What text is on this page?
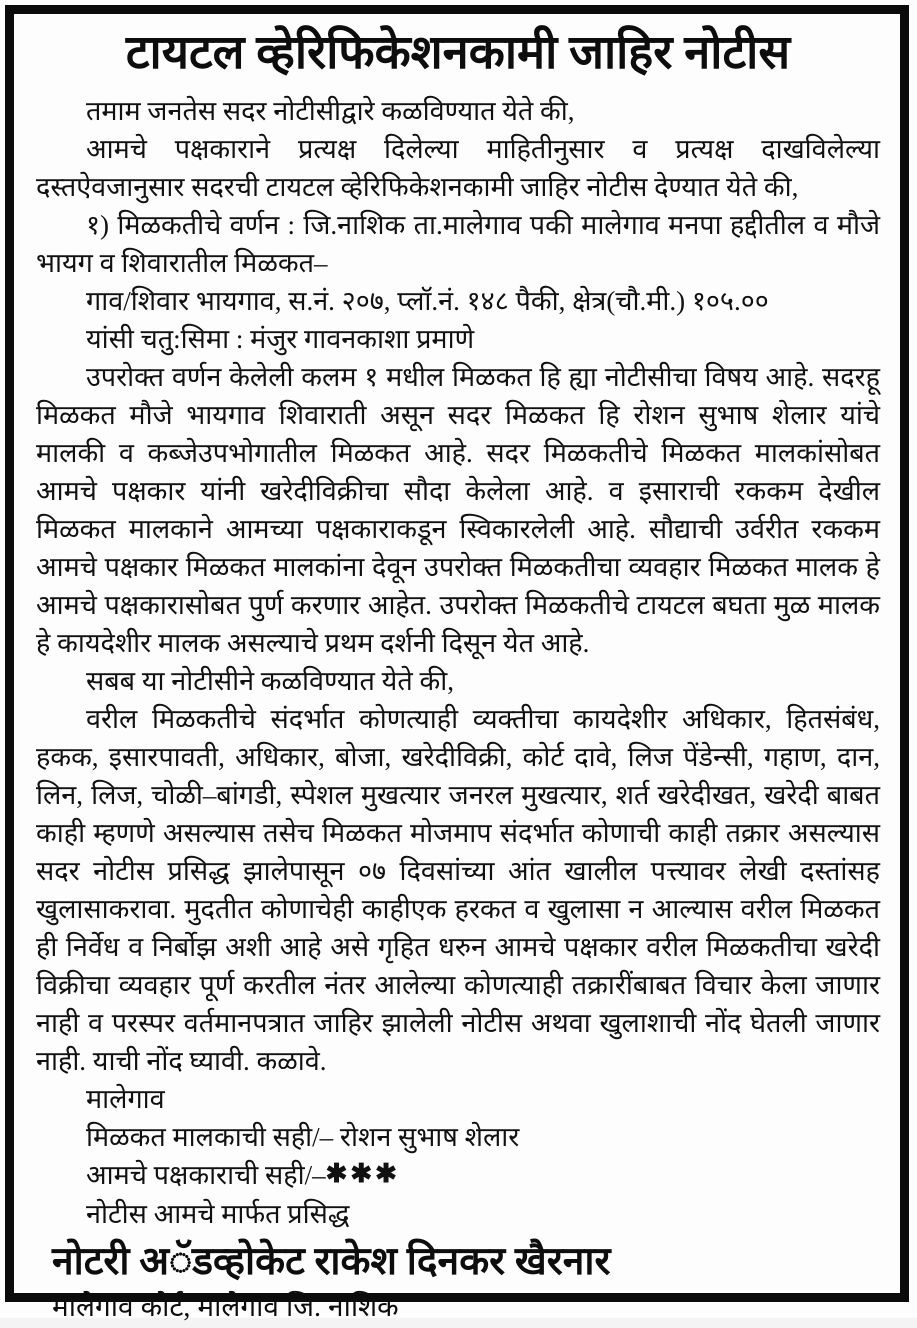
टायटल व्हेरिफिकेशनकामी जाहिर नोटीस

तमाम जनतेस सदर नोटीसीद्वारे कळविण्यात येते की,

आमचे पक्षकाराने प्रत्यक्ष दिलेल्या माहितीनुसार व प्रत्यक्ष दाखविलेल्या दस्तऐवजानुसार सदरची टायटल व्हेरिफिकेशनकामी जाहिर नोटीस देण्यात येते की,

१) मिळकतीचे वर्णन : जि.नाशिक ता.मालेगाव पकी मालेगाव मनपा हद्दीतील व मौजे भायग व शिवारातील मिळकत–

गाव/शिवार भायगाव, स.नं. २०७, प्लॉ.नं. १४८ पैकी, क्षेत्र(चौ.मी.) १०५.००

यांसी चतु:सिमा : मंजुर गावनकाशा प्रमाणे

उपरोक्त वर्णन केलेली कलम १ मधील मिळकत हि ह्या नोटीसीचा विषय आहे. सदरहू मिळकत मौजे भायगाव शिवाराती असून सदर मिळकत हि रोशन सुभाष शेलार यांचे मालकी व कब्जेउपभोगातील मिळकत आहे. सदर मिळकतीचे मिळकत मालकांसोबत आमचे पक्षकार यांनी खरेदीविक्रीचा सौदा केलेला आहे. व इसाराची रककम देखील मिळकत मालकाने आमच्या पक्षकाराकडून स्विकारलेली आहे. सौद्याची उर्वरीत रककम आमचे पक्षकार मिळकत मालकांना देवून उपरोक्त मिळकतीचा व्यवहार मिळकत मालक हे आमचे पक्षकारासोबत पुर्ण करणार आहेत. उपरोक्त मिळकतीचे टायटल बघता मुळ मालक हे कायदेशीर मालक असल्याचे प्रथम दर्शनी दिसून येत आहे.

सबब या नोटीसीने कळविण्यात येते की,

वरील मिळकतीचे संदर्भात कोणत्याही व्यक्तीचा कायदेशीर अधिकार, हितसंबंध, हकक, इसारपावती, अधिकार, बोजा, खरेदीविक्री, कोर्ट दावे, लिज पेंडेन्सी, गहाण, दान, लिन, लिज, चोळी–बांगडी, स्पेशल मुखत्यार जनरल मुखत्यार, शर्त खरेदीखत, खरेदी बाबत काही म्हणणे असल्यास तसेच मिळकत मोजमाप संदर्भात कोणाची काही तक्रार असल्यास सदर नोटीस प्रसिद्ध झालेपासून ०७ दिवसांच्या आंत खालील पत्त्यावर लेखी दस्तांसह खुलासाकरावा. मुदतीत कोणाचेही काहीएक हरकत व खुलासा न आल्यास वरील मिळकत ही निर्वेध व निर्बोझ अशी आहे असे गृहित धरुन आमचे पक्षकार वरील मिळकतीचा खरेदी विक्रीचा व्यवहार पूर्ण करतील नंतर आलेल्या कोणत्याही तक्रारींबाबत विचार केला जाणार नाही व परस्पर वर्तमानपत्रात जाहिर झालेली नोटीस अथवा खुलाशाची नोंद घेतली जाणार नाही. याची नोंद घ्यावी. कळावे.

मालेगाव

मिळकत मालकाची सही/– रोशन सुभाष शेलार

आमचे पक्षकाराची सही/–✱✱✱

नोटीस आमचे मार्फत प्रसिद्ध

नोटरी अॅडव्होकेट राकेश दिनकर खैरनार

मालेगाव कोर्ट, मालेगाव जि. नाशिक
